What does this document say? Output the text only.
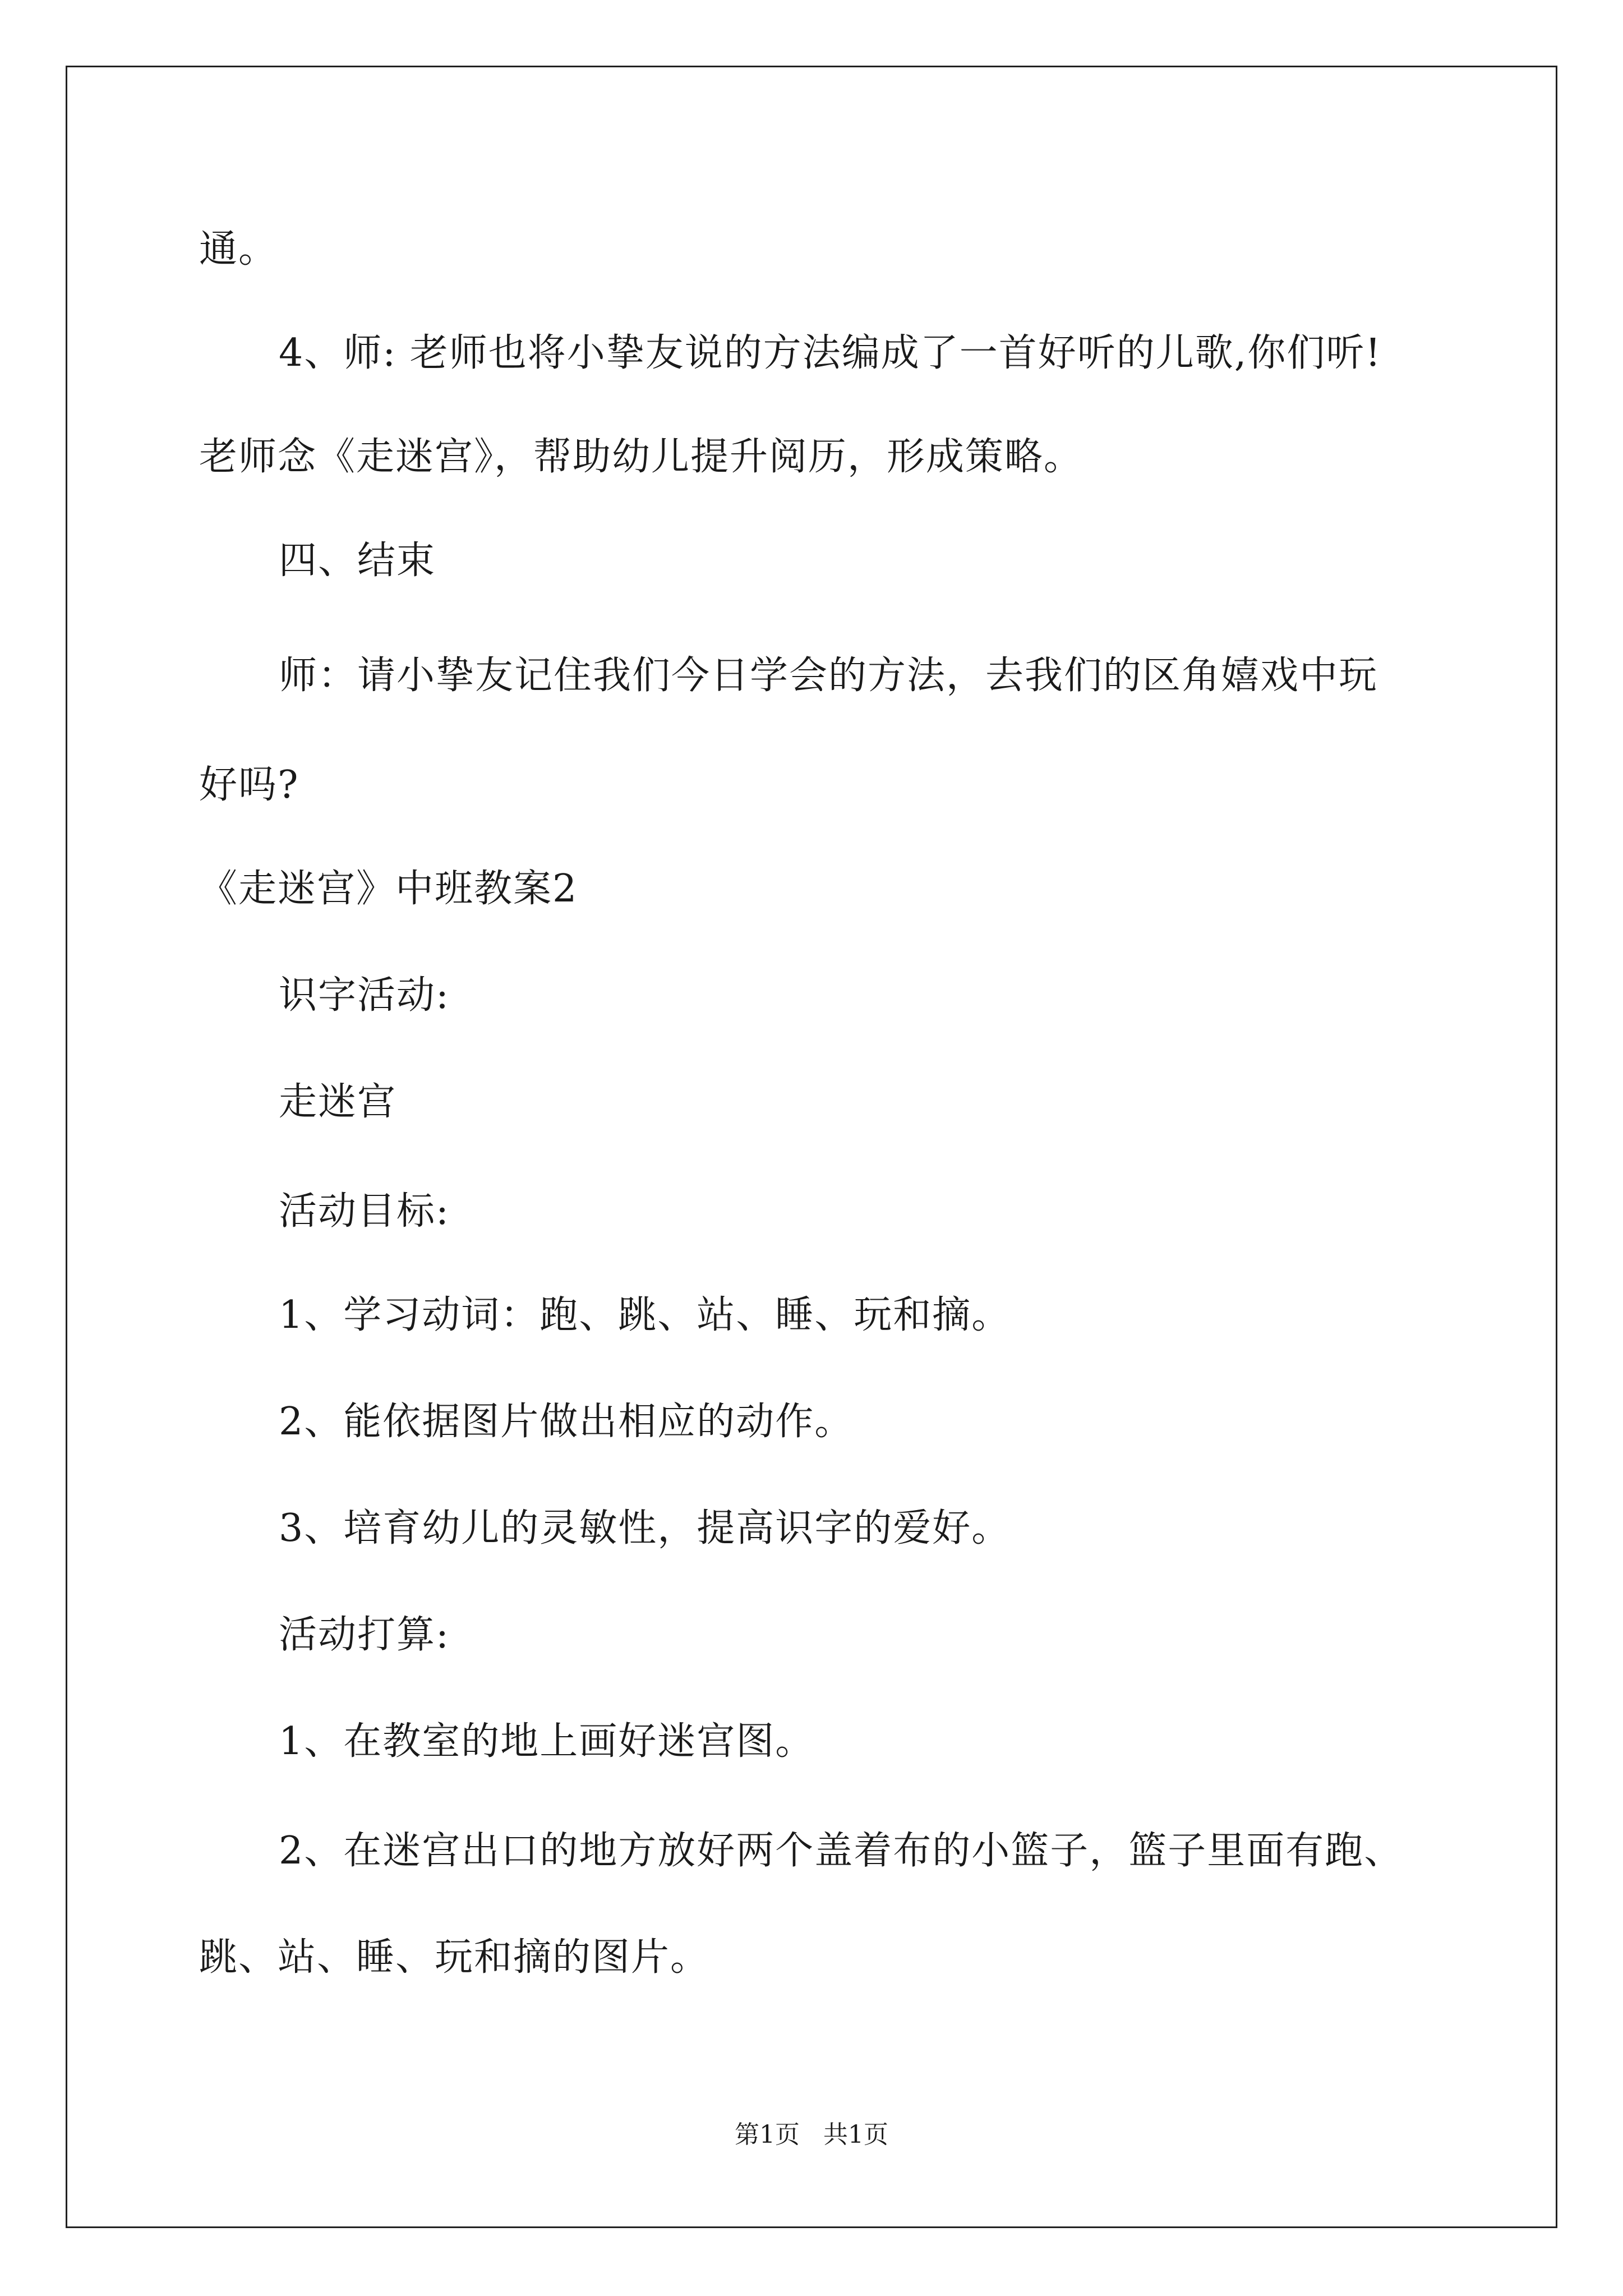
通。
4、师: 老师也将小挚友说的方法编成了一首好听的儿歌,你们听!
老师念《走迷宫》，帮助幼儿提升阅历，形成策略。
四、结束
师：请小挚友记住我们今日学会的方法，去我们的区角嬉戏中玩
好吗?
《走迷宫》中班教案2
识字活动:
走迷宫
活动目标:
1、学习动词：跑、跳、站、睡、玩和摘。
2、能依据图片做出相应的动作。
3、培育幼儿的灵敏性，提高识字的爱好。
活动打算:
1、在教室的地上画好迷宫图。
2、在迷宫出口的地方放好两个盖着布的小篮子，篮子里面有跑、
跳、站、睡、玩和摘的图片。
第1页   共1页
